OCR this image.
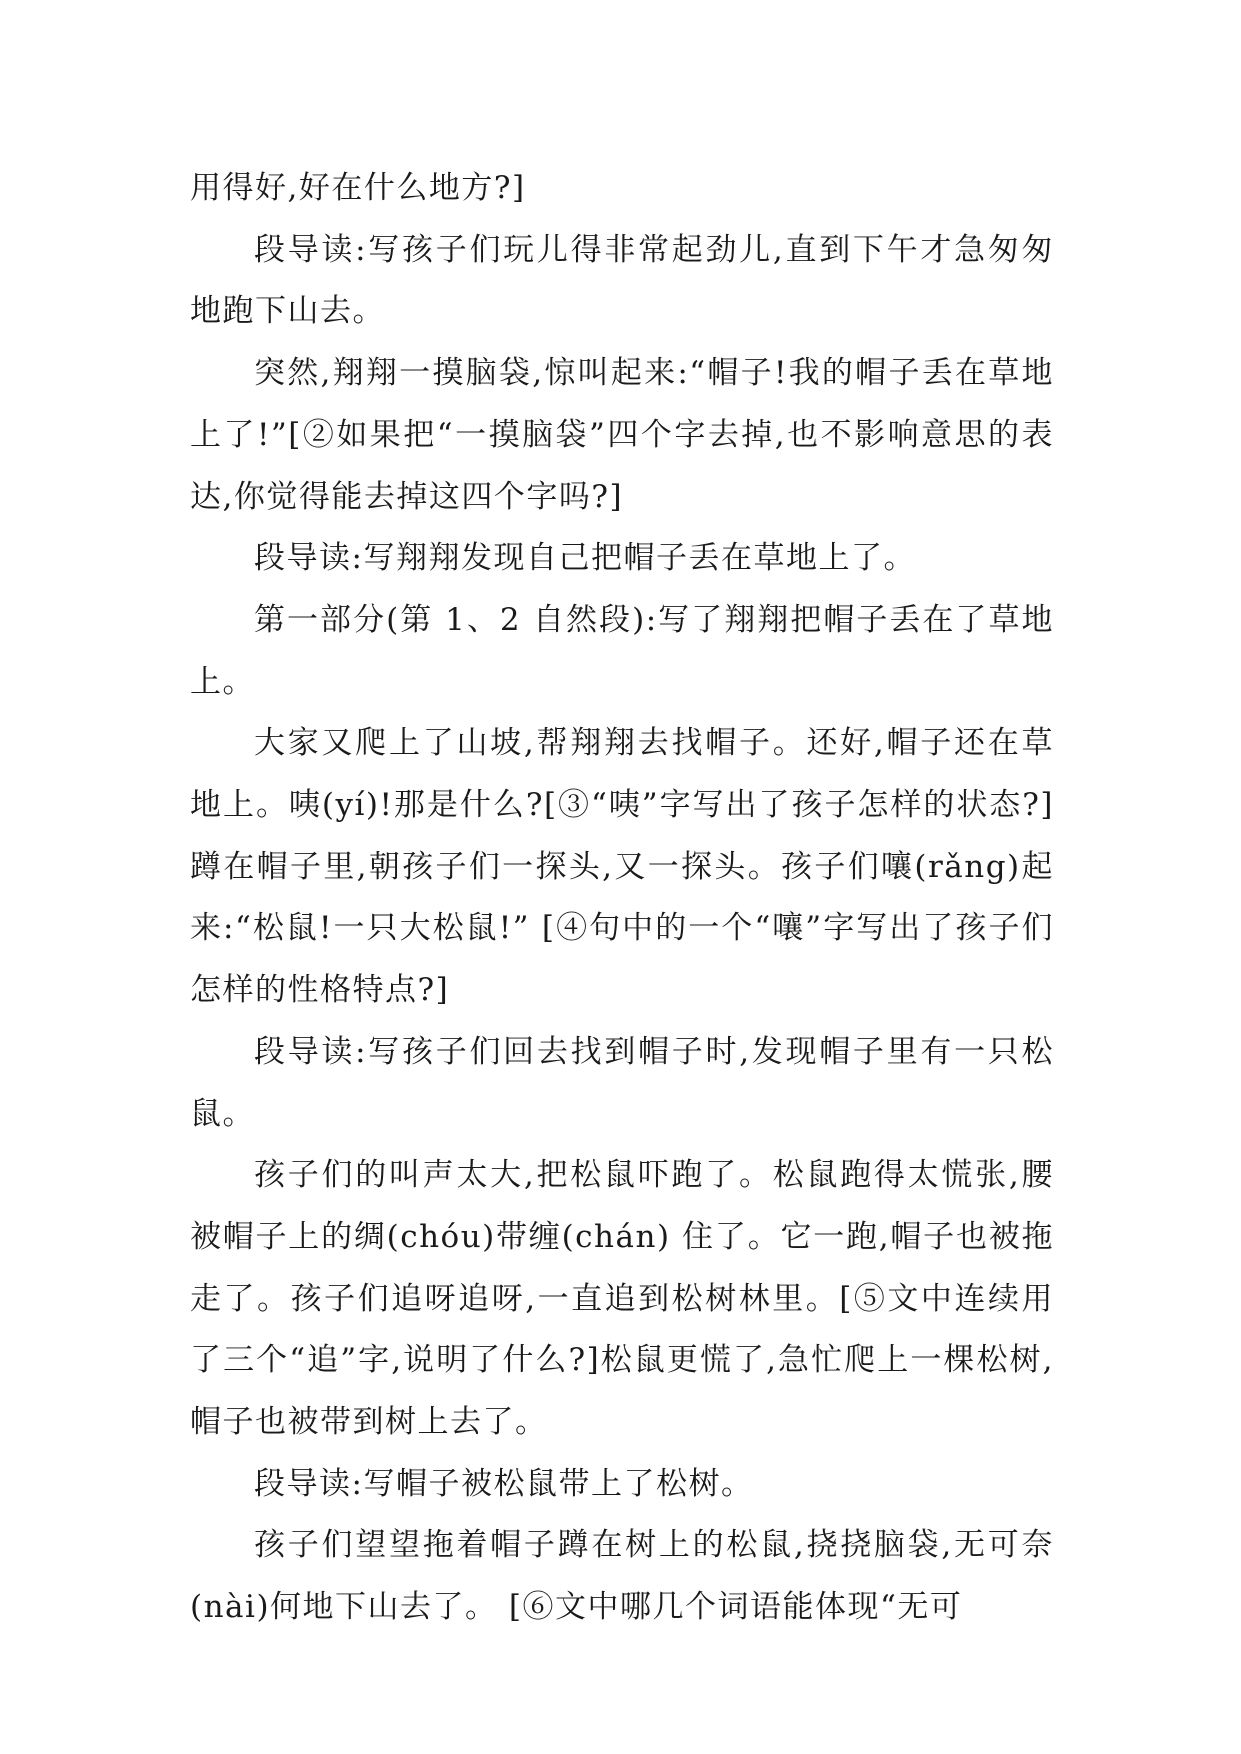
用得好,好在什么地方?]

段导读:写孩子们玩儿得非常起劲儿,直到下午才急匆匆地跑下山去。

突然,翔翔一摸脑袋,惊叫起来:“帽子!我的帽子丢在草地上了!”[②如果把“一摸脑袋”四个字去掉,也不影响意思的表达,你觉得能去掉这四个字吗?]

段导读:写翔翔发现自己把帽子丢在草地上了。

第一部分(第 1、2 自然段):写了翔翔把帽子丢在了草地上。

大家又爬上了山坡,帮翔翔去找帽子。还好,帽子还在草地上。咦(yí)!那是什么?[③“咦”字写出了孩子怎样的状态?]蹲在帽子里,朝孩子们一探头,又一探头。孩子们嚷(rǎng)起来:“松鼠!一只大松鼠!” [④句中的一个“嚷”字写出了孩子们怎样的性格特点?]

段导读:写孩子们回去找到帽子时,发现帽子里有一只松鼠。

孩子们的叫声太大,把松鼠吓跑了。松鼠跑得太慌张,腰被帽子上的绸(chóu)带缠(chán) 住了。它一跑,帽子也被拖走了。孩子们追呀追呀,一直追到松树林里。[⑤文中连续用了三个“追”字,说明了什么?]松鼠更慌了,急忙爬上一棵松树,帽子也被带到树上去了。

段导读:写帽子被松鼠带上了松树。

孩子们望望拖着帽子蹲在树上的松鼠,挠挠脑袋,无可奈(nài)何地下山去了。 [⑥文中哪几个词语能体现“无可
